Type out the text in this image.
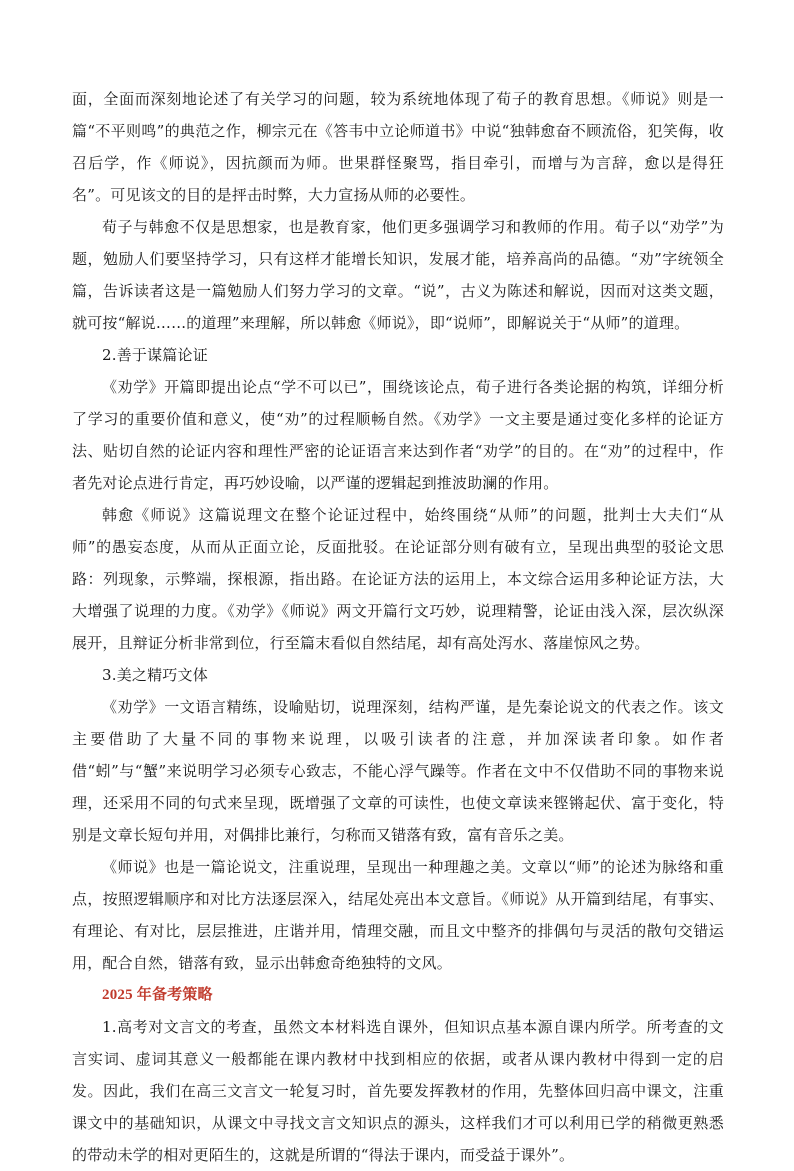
面，全面而深刻地论述了有关学习的问题，较为系统地体现了荀子的教育思想。《师说》则是一篇“不平则鸣”的典范之作，柳宗元在《答韦中立论师道书》中说“独韩愈奋不顾流俗，犯笑侮，收召后学，作《师说》，因抗颜而为师。世果群怪聚骂，指目牵引，而增与为言辞，愈以是得狂名”。可见该文的目的是抨击时弊，大力宣扬从师的必要性。

荀子与韩愈不仅是思想家，也是教育家，他们更多强调学习和教师的作用。荀子以“劝学”为题，勉励人们要坚持学习，只有这样才能增长知识，发展才能，培养高尚的品德。“劝”字统领全篇，告诉读者这是一篇勉励人们努力学习的文章。“说”，古义为陈述和解说，因而对这类文题，就可按“解说……的道理”来理解，所以韩愈《师说》，即“说师”，即解说关于“从师”的道理。

2.善于谋篇论证

《劝学》开篇即提出论点“学不可以已”，围绕该论点，荀子进行各类论据的构筑，详细分析了学习的重要价值和意义，使“劝”的过程顺畅自然。《劝学》一文主要是通过变化多样的论证方法、贴切自然的论证内容和理性严密的论证语言来达到作者“劝学”的目的。在“劝”的过程中，作者先对论点进行肯定，再巧妙设喻，以严谨的逻辑起到推波助澜的作用。

韩愈《师说》这篇说理文在整个论证过程中，始终围绕“从师”的问题，批判士大夫们“从师”的愚妄态度，从而从正面立论，反面批驳。在论证部分则有破有立，呈现出典型的驳论文思路：列现象，示弊端，探根源，指出路。在论证方法的运用上，本文综合运用多种论证方法，大大增强了说理的力度。《劝学》《师说》两文开篇行文巧妙，说理精警，论证由浅入深，层次纵深展开，且辩证分析非常到位，行至篇末看似自然结尾，却有高处泻水、落崖惊风之势。

3.美之精巧文体

《劝学》一文语言精练，设喻贴切，说理深刻，结构严谨，是先秦论说文的代表之作。该文主要借助了大量不同的事物来说理，以吸引读者的注意，并加深读者印象。如作者借“蚓”与“蟹”来说明学习必须专心致志，不能心浮气躁等。作者在文中不仅借助不同的事物来说理，还采用不同的句式来呈现，既增强了文章的可读性，也使文章读来铿锵起伏、富于变化，特别是文章长短句并用，对偶排比兼行，匀称而又错落有致，富有音乐之美。

《师说》也是一篇论说文，注重说理，呈现出一种理趣之美。文章以“师”的论述为脉络和重点，按照逻辑顺序和对比方法逐层深入，结尾处亮出本文意旨。《师说》从开篇到结尾，有事实、有理论、有对比，层层推进，庄谐并用，情理交融，而且文中整齐的排偶句与灵活的散句交错运用，配合自然，错落有致，显示出韩愈奇绝独特的文风。

2025 年备考策略

1.高考对文言文的考查，虽然文本材料选自课外，但知识点基本源自课内所学。所考查的文言实词、虚词其意义一般都能在课内教材中找到相应的依据，或者从课内教材中得到一定的启发。因此，我们在高三文言文一轮复习时，首先要发挥教材的作用，先整体回归高中课文，注重课文中的基础知识，从课文中寻找文言文知识点的源头，这样我们才可以利用已学的稍微更熟悉的带动未学的相对更陌生的，这就是所谓的“得法于课内，而受益于课外”。
